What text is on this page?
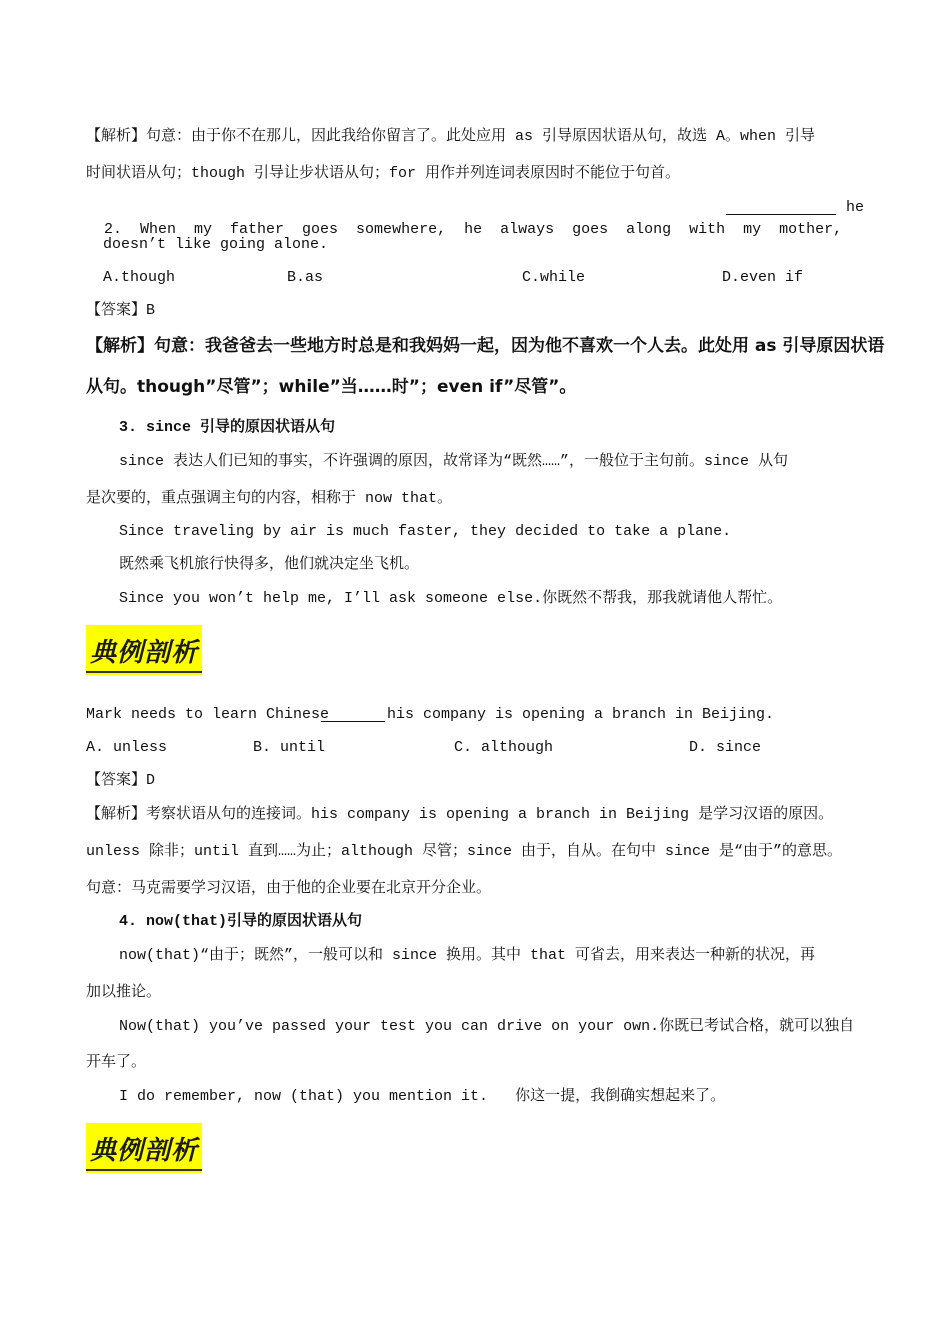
【解析】句意：由于你不在那儿，因此我给你留言了。此处应用 as 引导原因状语从句，故选 A。when 引导
时间状语从句；though 引导让步状语从句；for 用作并列连词表原因时不能位于句首。

2.  When  my  father  goes  somewhere,  he  always  goes  along  with  my  mother,

he
doesn’t like going alone.
A.though	B.as	C.while	D.even if
【答案】B
【解析】句意：我爸爸去一些地方时总是和我妈妈一起，因为他不喜欢一个人去。此处用 as 引导原因状语
从句。though”尽管”；while”当……时”；even if”尽管”。
3. since 引导的原因状语从句
since 表达人们已知的事实，不许强调的原因，故常译为“既然……”，一般位于主句前。since 从句
是次要的，重点强调主句的内容，相称于 now that。
Since traveling by air is much faster, they decided to take a plane.
既然乘飞机旅行快得多，他们就决定坐飞机。
Since you won’t help me, I’ll ask someone else.你既然不帮我，那我就请他人帮忙。
典例剖析
Mark needs to learn Chinese	his company is opening a branch in Beijing.
A. unless	B. until	C. although	D. since
【答案】D
【解析】考察状语从句的连接词。his company is opening a branch in Beijing 是学习汉语的原因。
unless 除非；until 直到……为止；although 尽管；since 由于，自从。在句中 since 是“由于”的意思。
句意：马克需要学习汉语，由于他的企业要在北京开分企业。
4. now(that)引导的原因状语从句
now(that)“由于；既然”，一般可以和 since 换用。其中 that 可省去，用来表达一种新的状况，再
加以推论。
Now(that) you’ve passed your test you can drive on your own.你既已考试合格，就可以独自
开车了。
I do remember, now (that) you mention it.   你这一提，我倒确实想起来了。
典例剖析
